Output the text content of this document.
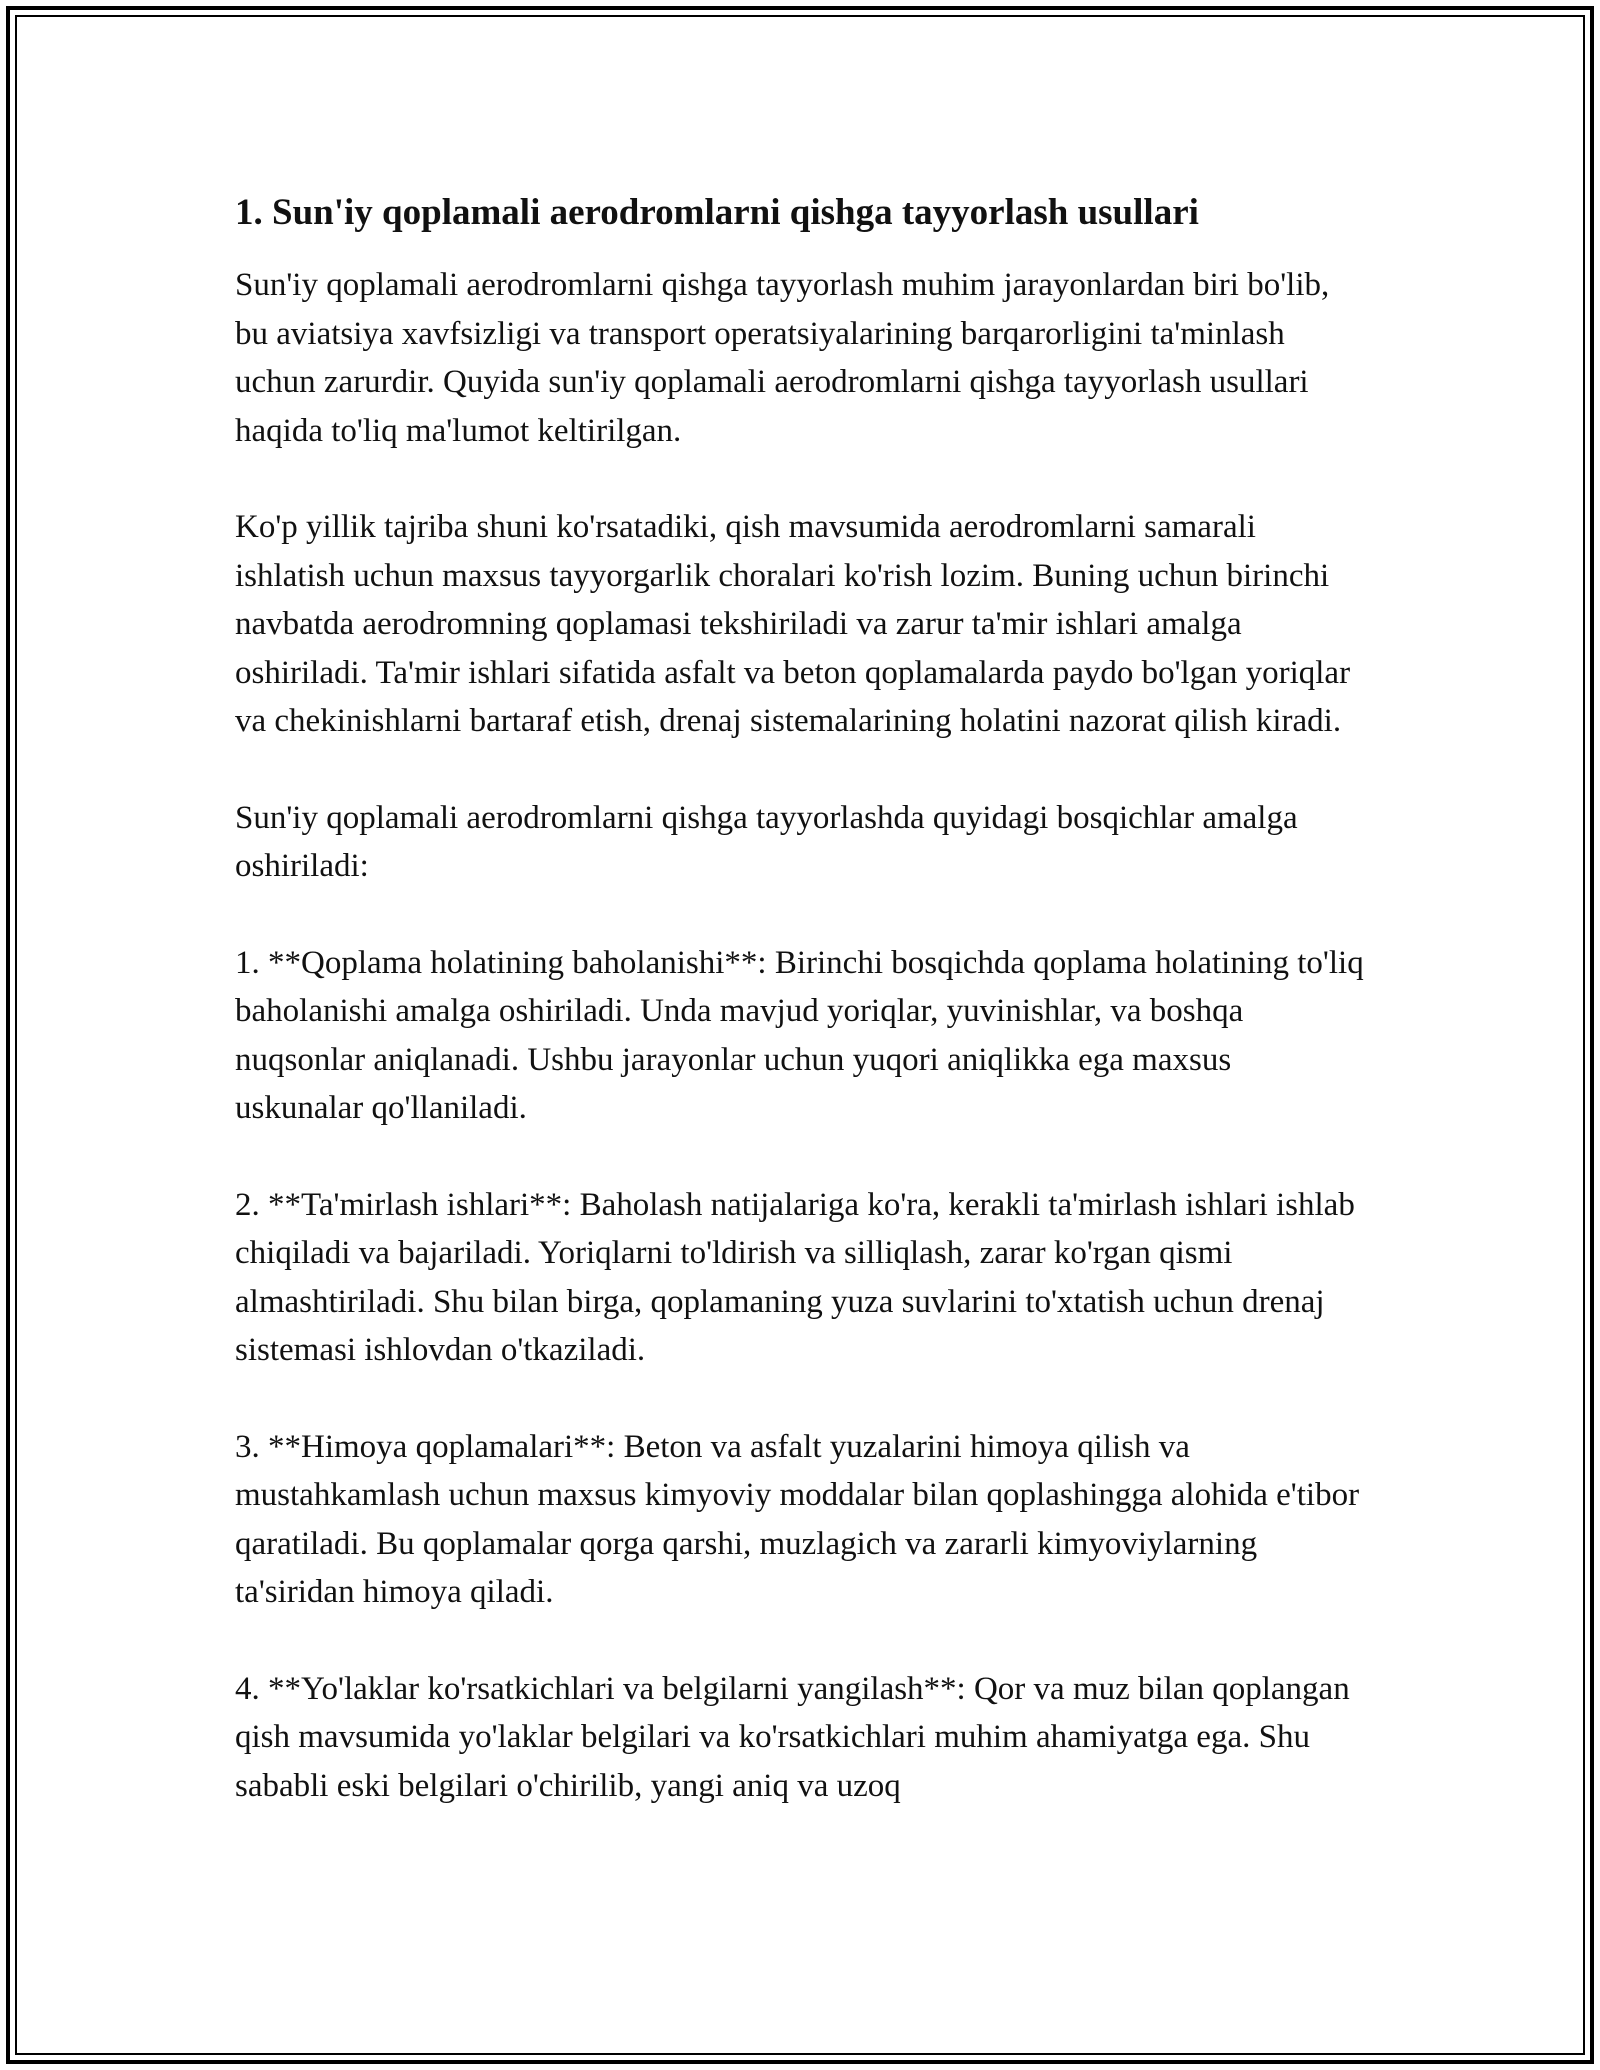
1. Sun'iy qoplamali aerodromlarni qishga tayyorlash usullari

Sun'iy qoplamali aerodromlarni qishga tayyorlash muhim jarayonlardan biri bo'lib, bu aviatsiya xavfsizligi va transport operatsiyalarining barqarorligini ta'minlash uchun zarurdir. Quyida sun'iy qoplamali aerodromlarni qishga tayyorlash usullari haqida to'liq ma'lumot keltirilgan.

Ko'p yillik tajriba shuni ko'rsatadiki, qish mavsumida aerodromlarni samarali ishlatish uchun maxsus tayyorgarlik choralari ko'rish lozim. Buning uchun birinchi navbatda aerodromning qoplamasi tekshiriladi va zarur ta'mir ishlari amalga oshiriladi. Ta'mir ishlari sifatida asfalt va beton qoplamalarda paydo bo'lgan yoriqlar va chekinishlarni bartaraf etish, drenaj sistemalarining holatini nazorat qilish kiradi.

Sun'iy qoplamali aerodromlarni qishga tayyorlashda quyidagi bosqichlar amalga oshiriladi:

1. **Qoplama holatining baholanishi**: Birinchi bosqichda qoplama holatining to'liq baholanishi amalga oshiriladi. Unda mavjud yoriqlar, yuvinishlar, va boshqa nuqsonlar aniqlanadi. Ushbu jarayonlar uchun yuqori aniqlikka ega maxsus uskunalar qo'llaniladi.

2. **Ta'mirlash ishlari**: Baholash natijalariga ko'ra, kerakli ta'mirlash ishlari ishlab chiqiladi va bajariladi. Yoriqlarni to'ldirish va silliqlash, zarar ko'rgan qismi almashtiriladi. Shu bilan birga, qoplamaning yuza suvlarini to'xtatish uchun drenaj sistemasi ishlovdan o'tkaziladi.

3. **Himoya qoplamalari**: Beton va asfalt yuzalarini himoya qilish va mustahkamlash uchun maxsus kimyoviy moddalar bilan qoplashingga alohida e'tibor qaratiladi. Bu qoplamalar qorga qarshi, muzlagich va zararli kimyoviylarning ta'siridan himoya qiladi.

4. **Yo'laklar ko'rsatkichlari va belgilarni yangilash**: Qor va muz bilan qoplangan qish mavsumida yo'laklar belgilari va ko'rsatkichlari muhim ahamiyatga ega. Shu sababli eski belgilari o'chirilib, yangi aniq va uzoq
